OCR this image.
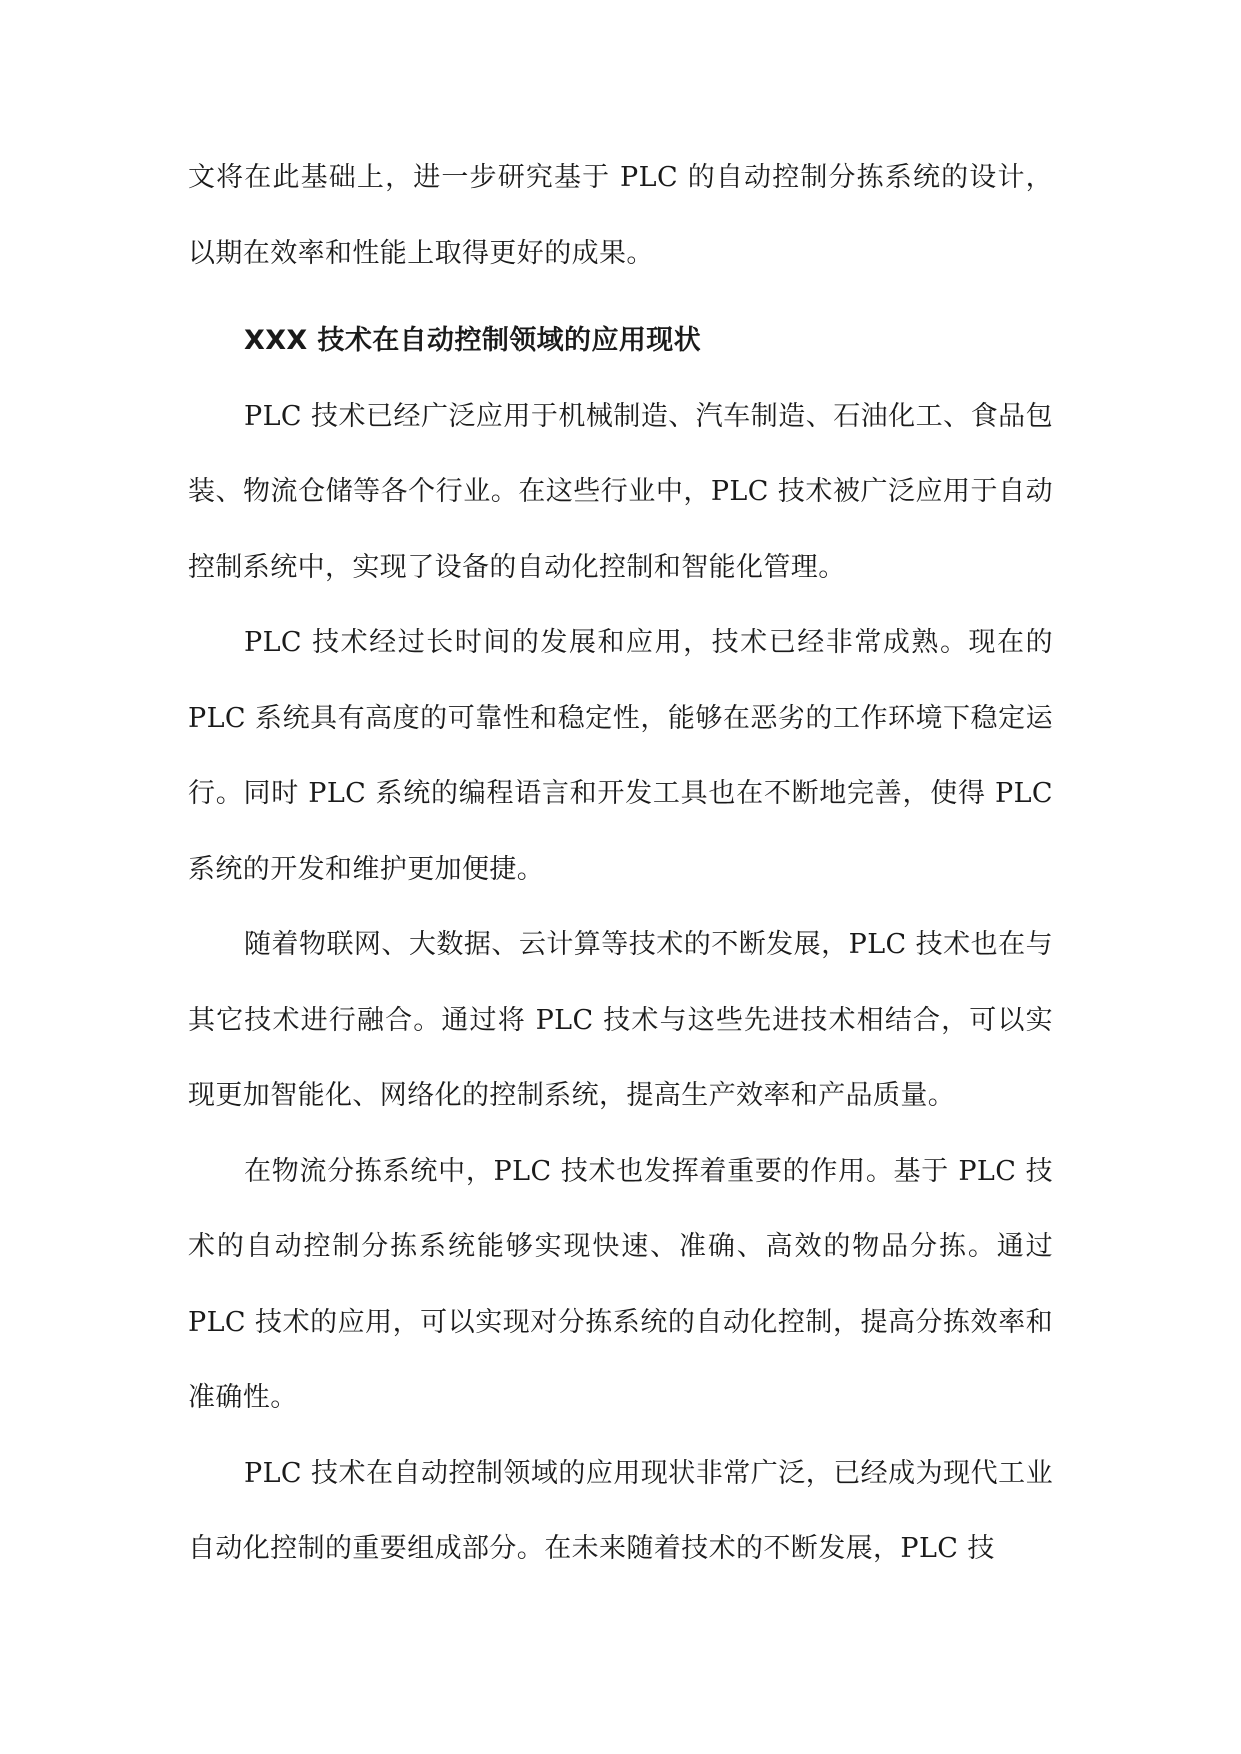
文将在此基础上，进一步研究基于 PLC 的自动控制分拣系统的设计，以期在效率和性能上取得更好的成果。

XXX 技术在自动控制领域的应用现状

PLC 技术已经广泛应用于机械制造、汽车制造、石油化工、食品包装、物流仓储等各个行业。在这些行业中，PLC 技术被广泛应用于自动控制系统中，实现了设备的自动化控制和智能化管理。

PLC 技术经过长时间的发展和应用，技术已经非常成熟。现在的 PLC 系统具有高度的可靠性和稳定性，能够在恶劣的工作环境下稳定运行。同时 PLC 系统的编程语言和开发工具也在不断地完善，使得 PLC 系统的开发和维护更加便捷。

随着物联网、大数据、云计算等技术的不断发展，PLC 技术也在与其它技术进行融合。通过将 PLC 技术与这些先进技术相结合，可以实现更加智能化、网络化的控制系统，提高生产效率和产品质量。

在物流分拣系统中，PLC 技术也发挥着重要的作用。基于 PLC 技术的自动控制分拣系统能够实现快速、准确、高效的物品分拣。通过 PLC 技术的应用，可以实现对分拣系统的自动化控制，提高分拣效率和准确性。

PLC 技术在自动控制领域的应用现状非常广泛，已经成为现代工业自动化控制的重要组成部分。在未来随着技术的不断发展，PLC 技
